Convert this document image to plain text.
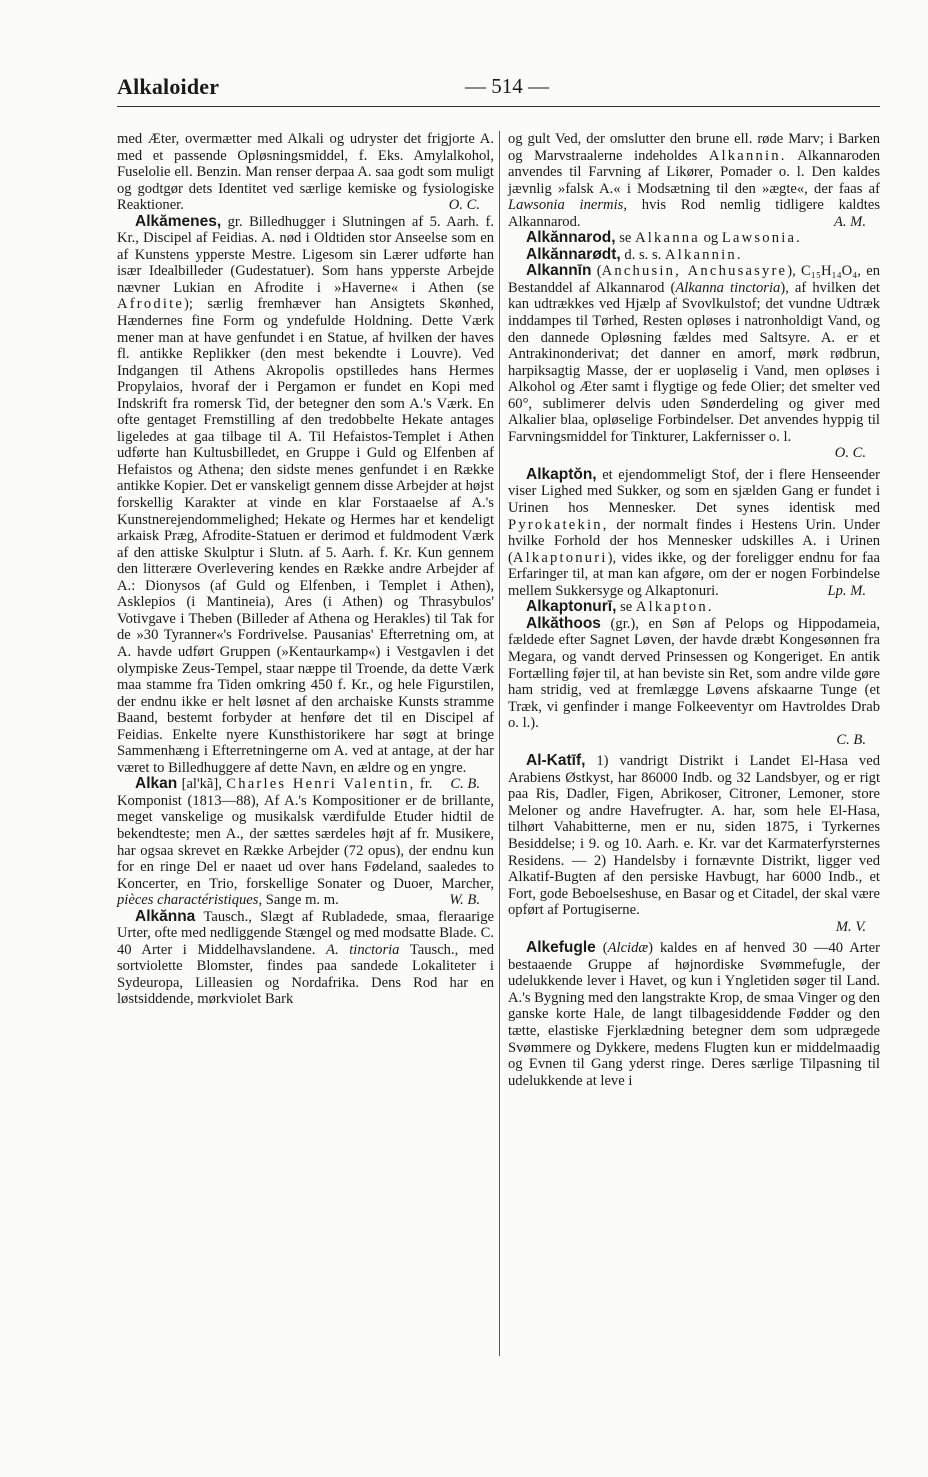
Alkaloider	— 514 —

med Æter, overmætter med Alkali og udryster det frigjorte A. med et passende Opløsningsmiddel, f. Eks. Amylalkohol, Fuselolie ell. Benzin. Man renser derpaa A. saa godt som muligt og godtgør dets Identitet ved særlige kemiske og fysiologiske Reaktioner.	O. C.

Alkămenes, gr. Billedhugger i Slutningen af 5. Aarh. f. Kr., Discipel af Feidias. A. nød i Oldtiden stor Anseelse som en af Kunstens ypperste Mestre. Ligesom sin Lærer udførte han især Idealbilleder (Gudestatuer). Som hans ypperste Arbejde nævner Lukian en Afrodite i »Haverne« i Athen (se Afrodite); særlig fremhæver han Ansigtets Skønhed, Hændernes fine Form og yndefulde Holdning. Dette Værk mener man at have genfundet i en Statue, af hvilken der haves fl. antikke Replikker (den mest bekendte i Louvre). Ved Indgangen til Athens Akropolis opstilledes hans Hermes Propylaios, hvoraf der i Pergamon er fundet en Kopi med Indskrift fra romersk Tid, der betegner den som A.'s Værk. En ofte gentaget Fremstilling af den tredobbelte Hekate antages ligeledes at gaa tilbage til A. Til Hefaistos-Templet i Athen udførte han Kultusbilledet, en Gruppe i Guld og Elfenben af Hefaistos og Athena; den sidste menes genfundet i en Række antikke Kopier. Det er vanskeligt gennem disse Arbejder at højst forskellig Karakter at vinde en klar Forstaaelse af A.'s Kunstnerejendommelighed; Hekate og Hermes har et kendeligt arkaisk Præg, Afrodite-Statuen er derimod et fuldmodent Værk af den attiske Skulptur i Slutn. af 5. Aarh. f. Kr. Kun gennem den litterære Overlevering kendes en Række andre Arbejder af A.: Dionysos (af Guld og Elfenben, i Templet i Athen), Asklepios (i Mantineia), Ares (i Athen) og Thrasybulos' Votivgave i Theben (Billeder af Athena og Herakles) til Tak for de »30 Tyranner«'s Fordrivelse. Pausanias' Efterretning om, at A. havde udført Gruppen (»Kentaurkamp«) i Vestgavlen i det olympiske Zeus-Tempel, staar næppe til Troende, da dette Værk maa stamme fra Tiden omkring 450 f. Kr., og hele Figurstilen, der endnu ikke er helt løsnet af den archaiske Kunsts stramme Baand, bestemt forbyder at henføre det til en Discipel af Feidias. Enkelte nyere Kunsthistorikere har søgt at bringe Sammenhæng i Efterretningerne om A. ved at antage, at der har været to Billedhuggere af dette Navn, en ældre og en yngre.
C. B.

Alkan [al'kã], Charles Henri Valentin, fr. Komponist (1813—88), Af A.'s Kompositioner er de brillante, meget vanskelige og musikalsk værdifulde Etuder hidtil de bekendteste; men A., der sættes særdeles højt af fr. Musikere, har ogsaa skrevet en Række Arbejder (72 opus), der endnu kun for en ringe Del er naaet ud over hans Fødeland, saaledes to Koncerter, en Trio, forskellige Sonater og Duoer, Marcher, pièces charactéristiques, Sange m. m.	W. B.

Alkănna Tausch., Slægt af Rubladede, smaa, fleraarige Urter, ofte med nedliggende Stængel og med modsatte Blade. C. 40 Arter i Middelhavslandene. A. tinctoria Tausch., med sortviolette Blomster, findes paa sandede Lokaliteter i Sydeuropa, Lilleasien og Nordafrika. Dens Rod har en løstsiddende, mørkviolet Bark

og gult Ved, der omslutter den brune ell. røde Marv; i Barken og Marvstraalerne indeholdes Alkannin. Alkannaroden anvendes til Farvning af Likører, Pomader o. l. Den kaldes jævnlig »falsk A.« i Modsætning til den »ægte«, der faas af Lawsonia inermis, hvis Rod nemlig tidligere kaldtes Alkannarod.	A. M.

Alkănnarod, se Alkanna og Lawsonia.

Alkănnarødt, d. s. s. Alkannin.

Alkannīn (Anchusin, Anchusasyre), C₁₅H₁₄O₄, en Bestanddel af Alkannarod (Alkanna tinctoria), af hvilken det kan udtrækkes ved Hjælp af Svovlkulstof; det vundne Udtræk inddampes til Tørhed, Resten opløses i natronholdigt Vand, og den dannede Opløsning fældes med Saltsyre. A. er et Antrakinonderivat; det danner en amorf, mørk rødbrun, harpiksagtig Masse, der er uopløselig i Vand, men opløses i Alkohol og Æter samt i flygtige og fede Olier; det smelter ved 60°, sublimerer delvis uden Sønderdeling og giver med Alkalier blaa, opløselige Forbindelser. Det anvendes hyppig til Farvningsmiddel for Tinkturer, Lakfernisser o. l.

O. C.

Alkaptŏn, et ejendommeligt Stof, der i flere Henseender viser Lighed med Sukker, og som en sjælden Gang er fundet i Urinen hos Mennesker. Det synes identisk med Pyrokatekin, der normalt findes i Hestens Urin. Under hvilke Forhold der hos Mennesker udskilles A. i Urinen (Alkaptonuri), vides ikke, og der foreligger endnu for faa Erfaringer til, at man kan afgøre, om der er nogen Forbindelse mellem Sukkersyge og Alkaptonuri.	Lp. M.

Alkaptonurī, se Alkapton.

Alkăthoos (gr.), en Søn af Pelops og Hippodameia, fældede efter Sagnet Løven, der havde dræbt Kongesønnen fra Megara, og vandt derved Prinsessen og Kongeriget. En antik Fortælling føjer til, at han beviste sin Ret, som andre vilde gøre ham stridig, ved at fremlægge Løvens afskaarne Tunge (et Træk, vi genfinder i mange Folkeeventyr om Havtroldes Drab o. l.).

C. B.

Al-Katīf, 1) vandrigt Distrikt i Landet El-Hasa ved Arabiens Østkyst, har 86000 Indb. og 32 Landsbyer, og er rigt paa Ris, Dadler, Figen, Abrikoser, Citroner, Lemoner, store Meloner og andre Havefrugter. A. har, som hele El-Hasa, tilhørt Vahabitterne, men er nu, siden 1875, i Tyrkernes Besiddelse; i 9. og 10. Aarh. e. Kr. var det Karmaterfyrsternes Residens. — 2) Handelsby i fornævnte Distrikt, ligger ved Alkatif-Bugten af den persiske Havbugt, har 6000 Indb., et Fort, gode Beboelseshuse, en Basar og et Citadel, der skal være opført af Portugiserne.

M. V.

Alkefugle (Alcidæ) kaldes en af henved 30 —40 Arter bestaaende Gruppe af højnordiske Svømmefugle, der udelukkende lever i Havet, og kun i Yngletiden søger til Land. A.'s Bygning med den langstrakte Krop, de smaa Vinger og den ganske korte Hale, de langt tilbagesiddende Fødder og den tætte, elastiske Fjerklædning betegner dem som udprægede Svømmere og Dykkere, medens Flugten kun er middelmaadig og Evnen til Gang yderst ringe. Deres særlige Tilpasning til udelukkende at leve i
